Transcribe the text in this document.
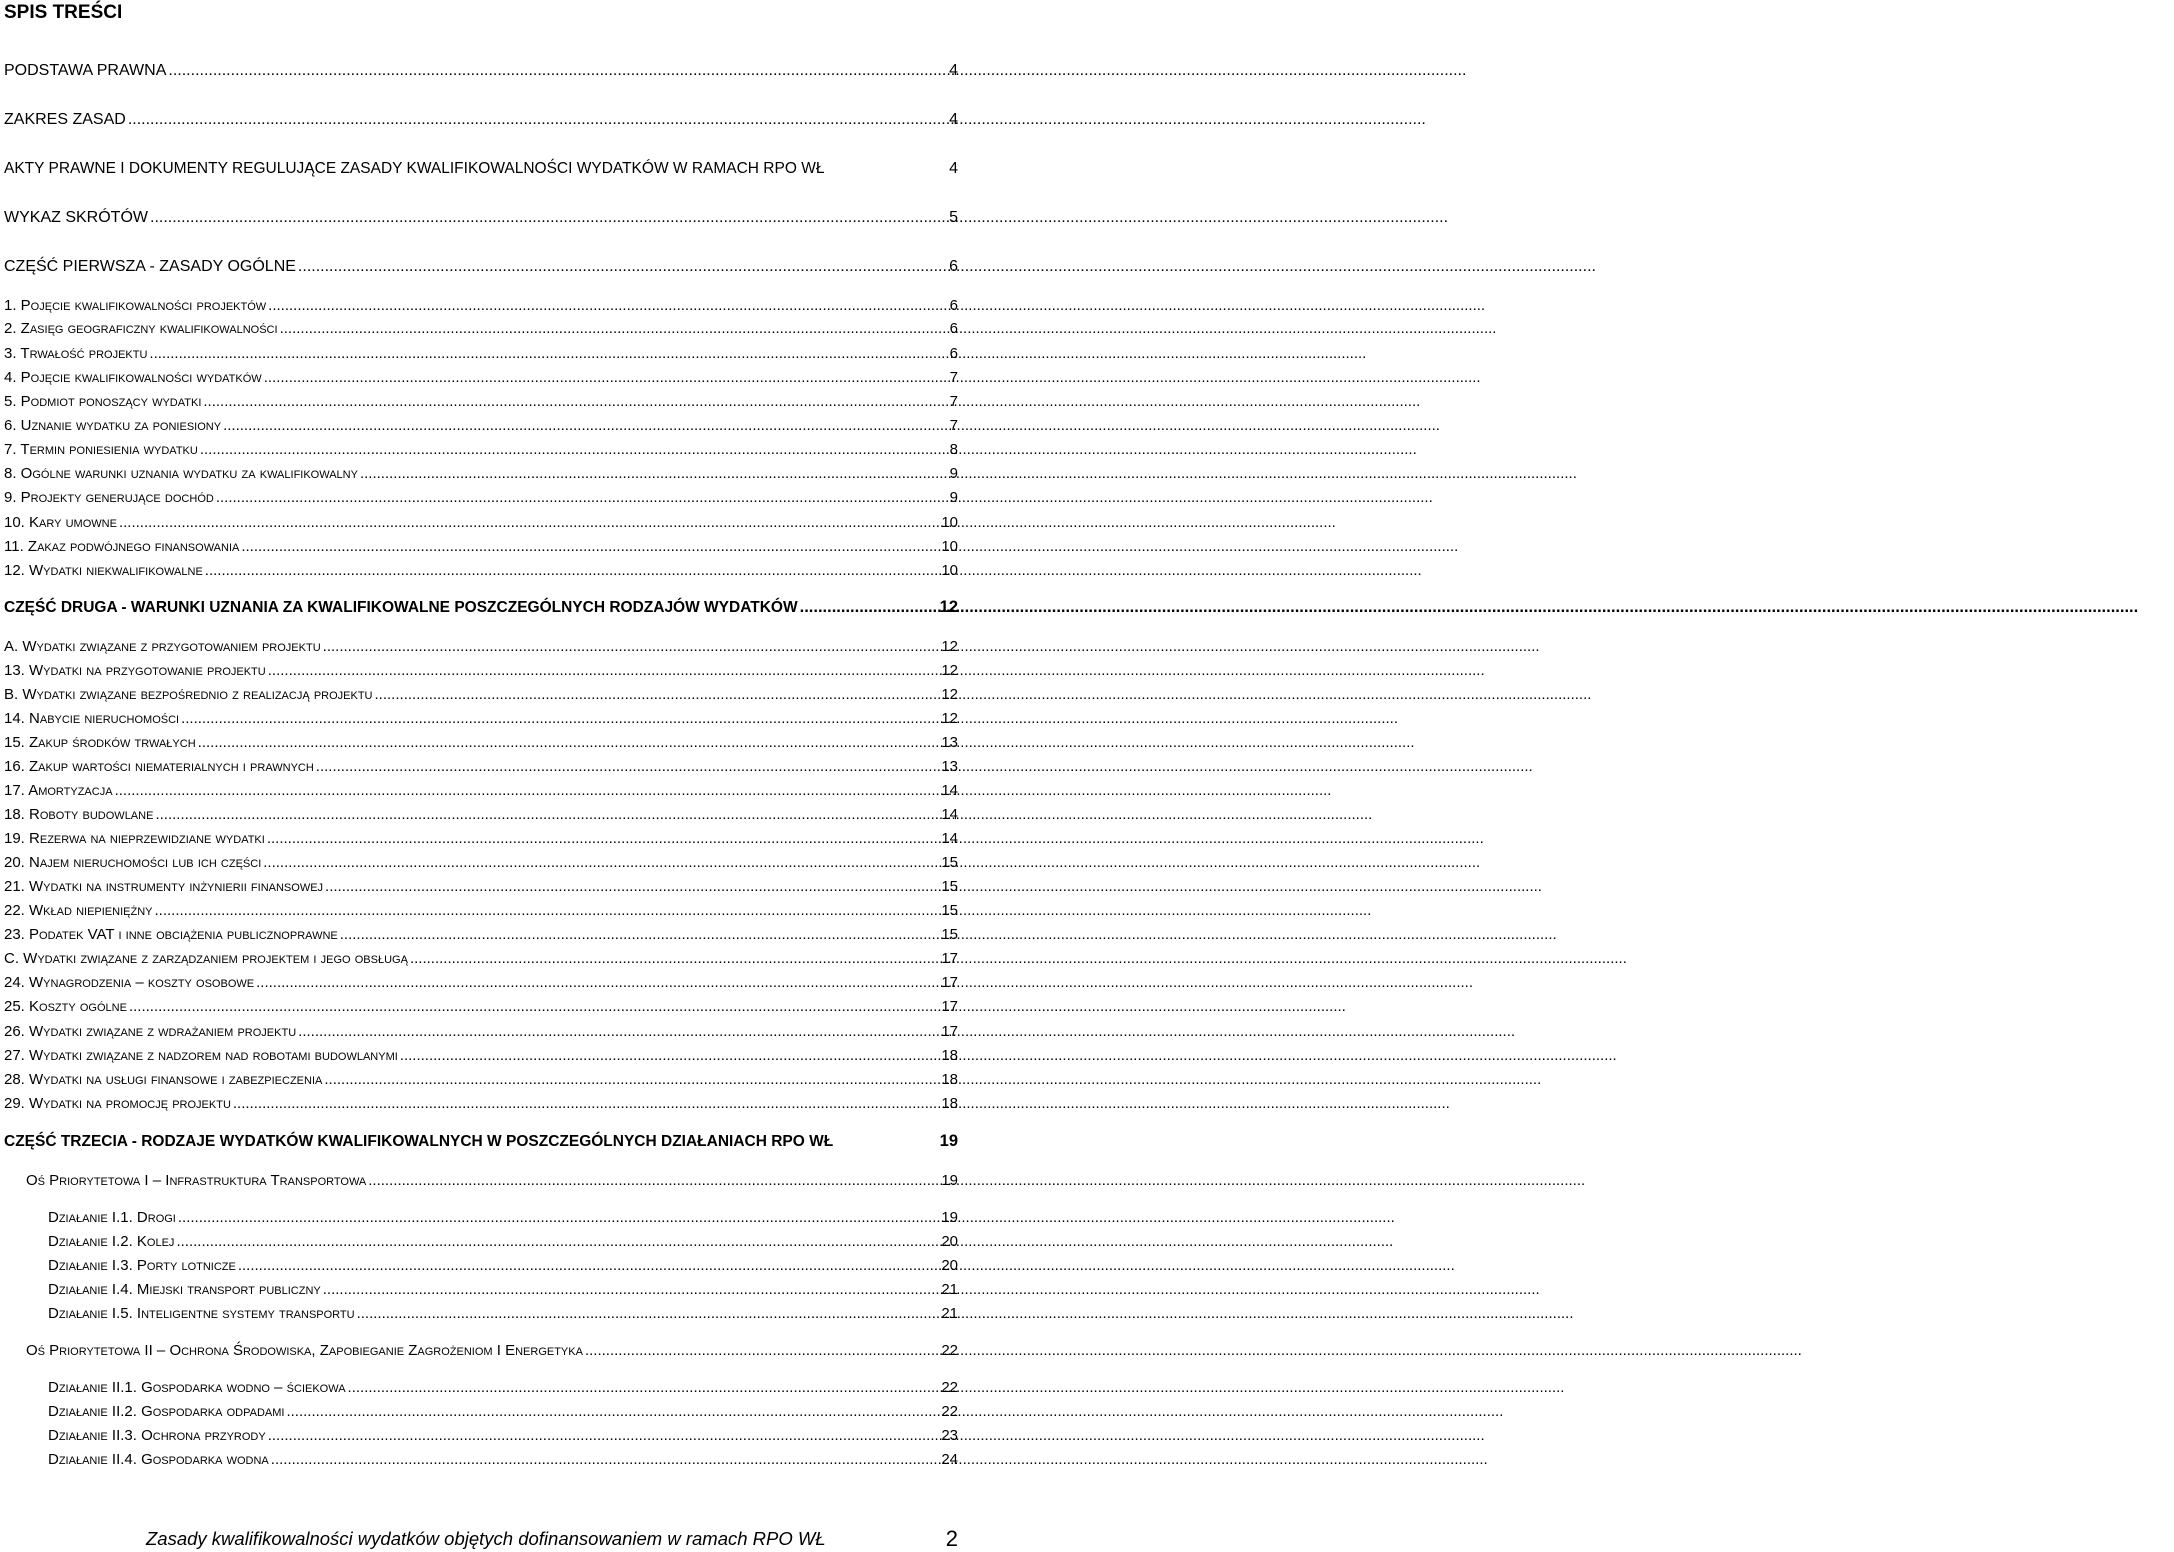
SPIS TREŚCI
PODSTAWA PRAWNA .....	4
ZAKRES ZASAD .....	4
AKTY PRAWNE I DOKUMENTY REGULUJĄCE ZASADY KWALIFIKOWALNOŚCI WYDATKÓW W RAMACH RPO WŁ	4
WYKAZ SKRÓTÓW .....	5
CZĘŚĆ PIERWSZA - ZASADY OGÓLNE .....	6
1. Pojęcie kwalifikowalności projektów .....	6
2. Zasięg geograficzny kwalifikowalności .....	6
3. Trwałość projektu .....	6
4. Pojęcie kwalifikowalności wydatków .....	7
5. Podmiot ponoszący wydatki .....	7
6. Uznanie wydatku za poniesiony .....	7
7. Termin poniesienia wydatku .....	8
8. Ogólne warunki uznania wydatku za kwalifikowalny .....	9
9. Projekty generujące dochód .....	9
10. Kary umowne .....	10
11. Zakaz podwójnego finansowania .....	10
12. Wydatki niekwalifikowalne .....	10
CZĘŚĆ DRUGA - WARUNKI UZNANIA ZA KWALIFIKOWALNE POSZCZEGÓLNYCH RODZAJÓW WYDATKÓW .....	12
A. Wydatki związane z przygotowaniem projektu .....	12
13. Wydatki na przygotowanie projektu .....	12
B. Wydatki związane bezpośrednio z realizacją projektu .....	12
14. Nabycie nieruchomości .....	12
15. Zakup środków trwałych .....	13
16. Zakup wartości niematerialnych i prawnych .....	13
17. Amortyzacja .....	14
18. Roboty budowlane .....	14
19. Rezerwa na nieprzewidziane wydatki .....	14
20. Najem nieruchomości lub ich części .....	15
21. Wydatki na instrumenty inżynierii finansowej .....	15
22. Wkład niepieniężny .....	15
23. Podatek VAT i inne obciążenia publicznoprawne .....	15
C. Wydatki związane z zarządzaniem projektem i jego obsługą .....	17
24. Wynagrodzenia – koszty osobowe .....	17
25. Koszty ogólne .....	17
26. Wydatki związane z wdrażaniem projektu .....	17
27. Wydatki związane z nadzorem nad robotami budowlanymi .....	18
28. Wydatki na usługi finansowe i zabezpieczenia .....	18
29. Wydatki na promocję projektu .....	18
CZĘŚĆ TRZECIA - RODZAJE WYDATKÓW KWALIFIKOWALNYCH W POSZCZEGÓLNYCH DZIAŁANIACH RPO WŁ	19
Oś Priorytetowa I – Infrastruktura Transportowa .....	19
Działanie I.1. Drogi .....	19
Działanie I.2. Kolej .....	20
Działanie I.3. Porty lotnicze .....	20
Działanie I.4. Miejski transport publiczny .....	21
Działanie I.5. Inteligentne systemy transportu .....	21
Oś Priorytetowa II – Ochrona Środowiska, Zapobieganie Zagrożeniom I Energetyka .....	22
Działanie II.1. Gospodarka wodno – ściekowa .....	22
Działanie II.2. Gospodarka odpadami .....	22
Działanie II.3. Ochrona przyrody .....	23
Działanie II.4. Gospodarka wodna .....	24
Zasady kwalifikowalności wydatków objętych dofinansowaniem w ramach RPO WŁ	2
